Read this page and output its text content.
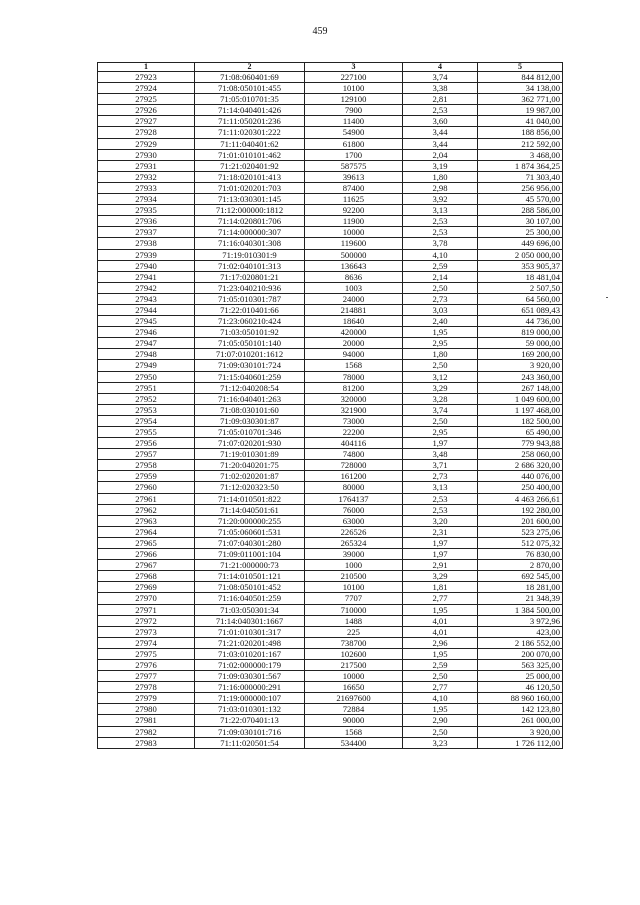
459
1	2	3	4	5
27923	71:08:060401:69	227100	3,74	844 812,00
27924	71:08:050101:455	10100	3,38	34 138,00
27925	71:05:010701:35	129100	2,81	362 771,00
27926	71:14:040401:426	7900	2,53	19 987,00
27927	71:11:050201:236	11400	3,60	41 040,00
27928	71:11:020301:222	54900	3,44	188 856,00
27929	71:11:040401:62	61800	3,44	212 592,00
27930	71:01:010101:462	1700	2,04	3 468,00
27931	71:21:020401:92	587575	3,19	1 874 364,25
27932	71:18:020101:413	39613	1,80	71 303,40
27933	71:01:020201:703	87400	2,98	256 956,00
27934	71:13:030301:145	11625	3,92	45 570,00
27935	71:12:000000:1812	92200	3,13	288 586,00
27936	71:14:020801:706	11900	2,53	30 107,00
27937	71:14:000000:307	10000	2,53	25 300,00
27938	71:16:040301:308	119600	3,78	449 696,00
27939	71:19:010301:9	500000	4,10	2 050 000,00
27940	71:02:040101:313	136643	2,59	353 905,37
27941	71:17:020801:21	8636	2,14	18 481,04
27942	71:23:040210:936	1003	2,50	2 507,50
27943	71:05:010301:787	24000	2,73	64 560,00
27944	71:22:010401:66	214881	3,03	651 089,43
27945	71:23:060210:424	18640	2,40	44 736,00
27946	71:03:050101:92	420000	1,95	819 000,00
27947	71:05:050101:140	20000	2,95	59 000,00
27948	71:07:010201:1612	94000	1,80	169 200,00
27949	71:09:030101:724	1568	2,50	3 920,00
27950	71:15:040601:259	78000	3,12	243 360,00
27951	71:12:040208:54	81200	3,29	267 148,00
27952	71:16:040401:263	320000	3,28	1 049 600,00
27953	71:08:030101:60	321900	3,74	1 197 468,00
27954	71:09:030301:87	73000	2,50	182 500,00
27955	71:05:010701:346	22200	2,95	65 490,00
27956	71:07:020201:930	404116	1,97	779 943,88
27957	71:19:010301:89	74800	3,48	258 060,00
27958	71:20:040201:75	728000	3,71	2 686 320,00
27959	71:02:020201:87	161200	2,73	440 076,00
27960	71:12:020323:50	80000	3,13	250 400,00
27961	71:14:010501:822	1764137	2,53	4 463 266,61
27962	71:14:040501:61	76000	2,53	192 280,00
27963	71:20:000000:255	63000	3,20	201 600,00
27964	71:05:060601:531	226526	2,31	523 275,06
27965	71:07:040301:280	265324	1,97	512 075,32
27966	71:09:011001:104	39000	1,97	76 830,00
27967	71:21:000000:73	1000	2,91	2 870,00
27968	71:14:010501:121	210500	3,29	692 545,00
27969	71:08:050101:452	10100	1,81	18 281,00
27970	71:16:040501:259	7707	2,77	21 348,39
27971	71:03:050301:34	710000	1,95	1 384 500,00
27972	71:14:040301:1667	1488	4,01	3 972,96
27973	71:01:010301:317	225	4,01	423,00
27974	71:21:020201:498	738700	2,96	2 186 552,00
27975	71:03:010201:167	102600	1,95	200 070,00
27976	71:02:000000:179	217500	2,59	563 325,00
27977	71:09:030301:567	10000	2,50	25 000,00
27978	71:16:000000:291	16650	2,77	46 120,50
27979	71:19:000000:107	21697600	4,10	88 960 160,00
27980	71:03:010301:132	72884	1,95	142 123,80
27981	71:22:070401:13	90000	2,90	261 000,00
27982	71:09:030101:716	1568	2,50	3 920,00
27983	71:11:020501:54	534400	3,23	1 726 112,00
